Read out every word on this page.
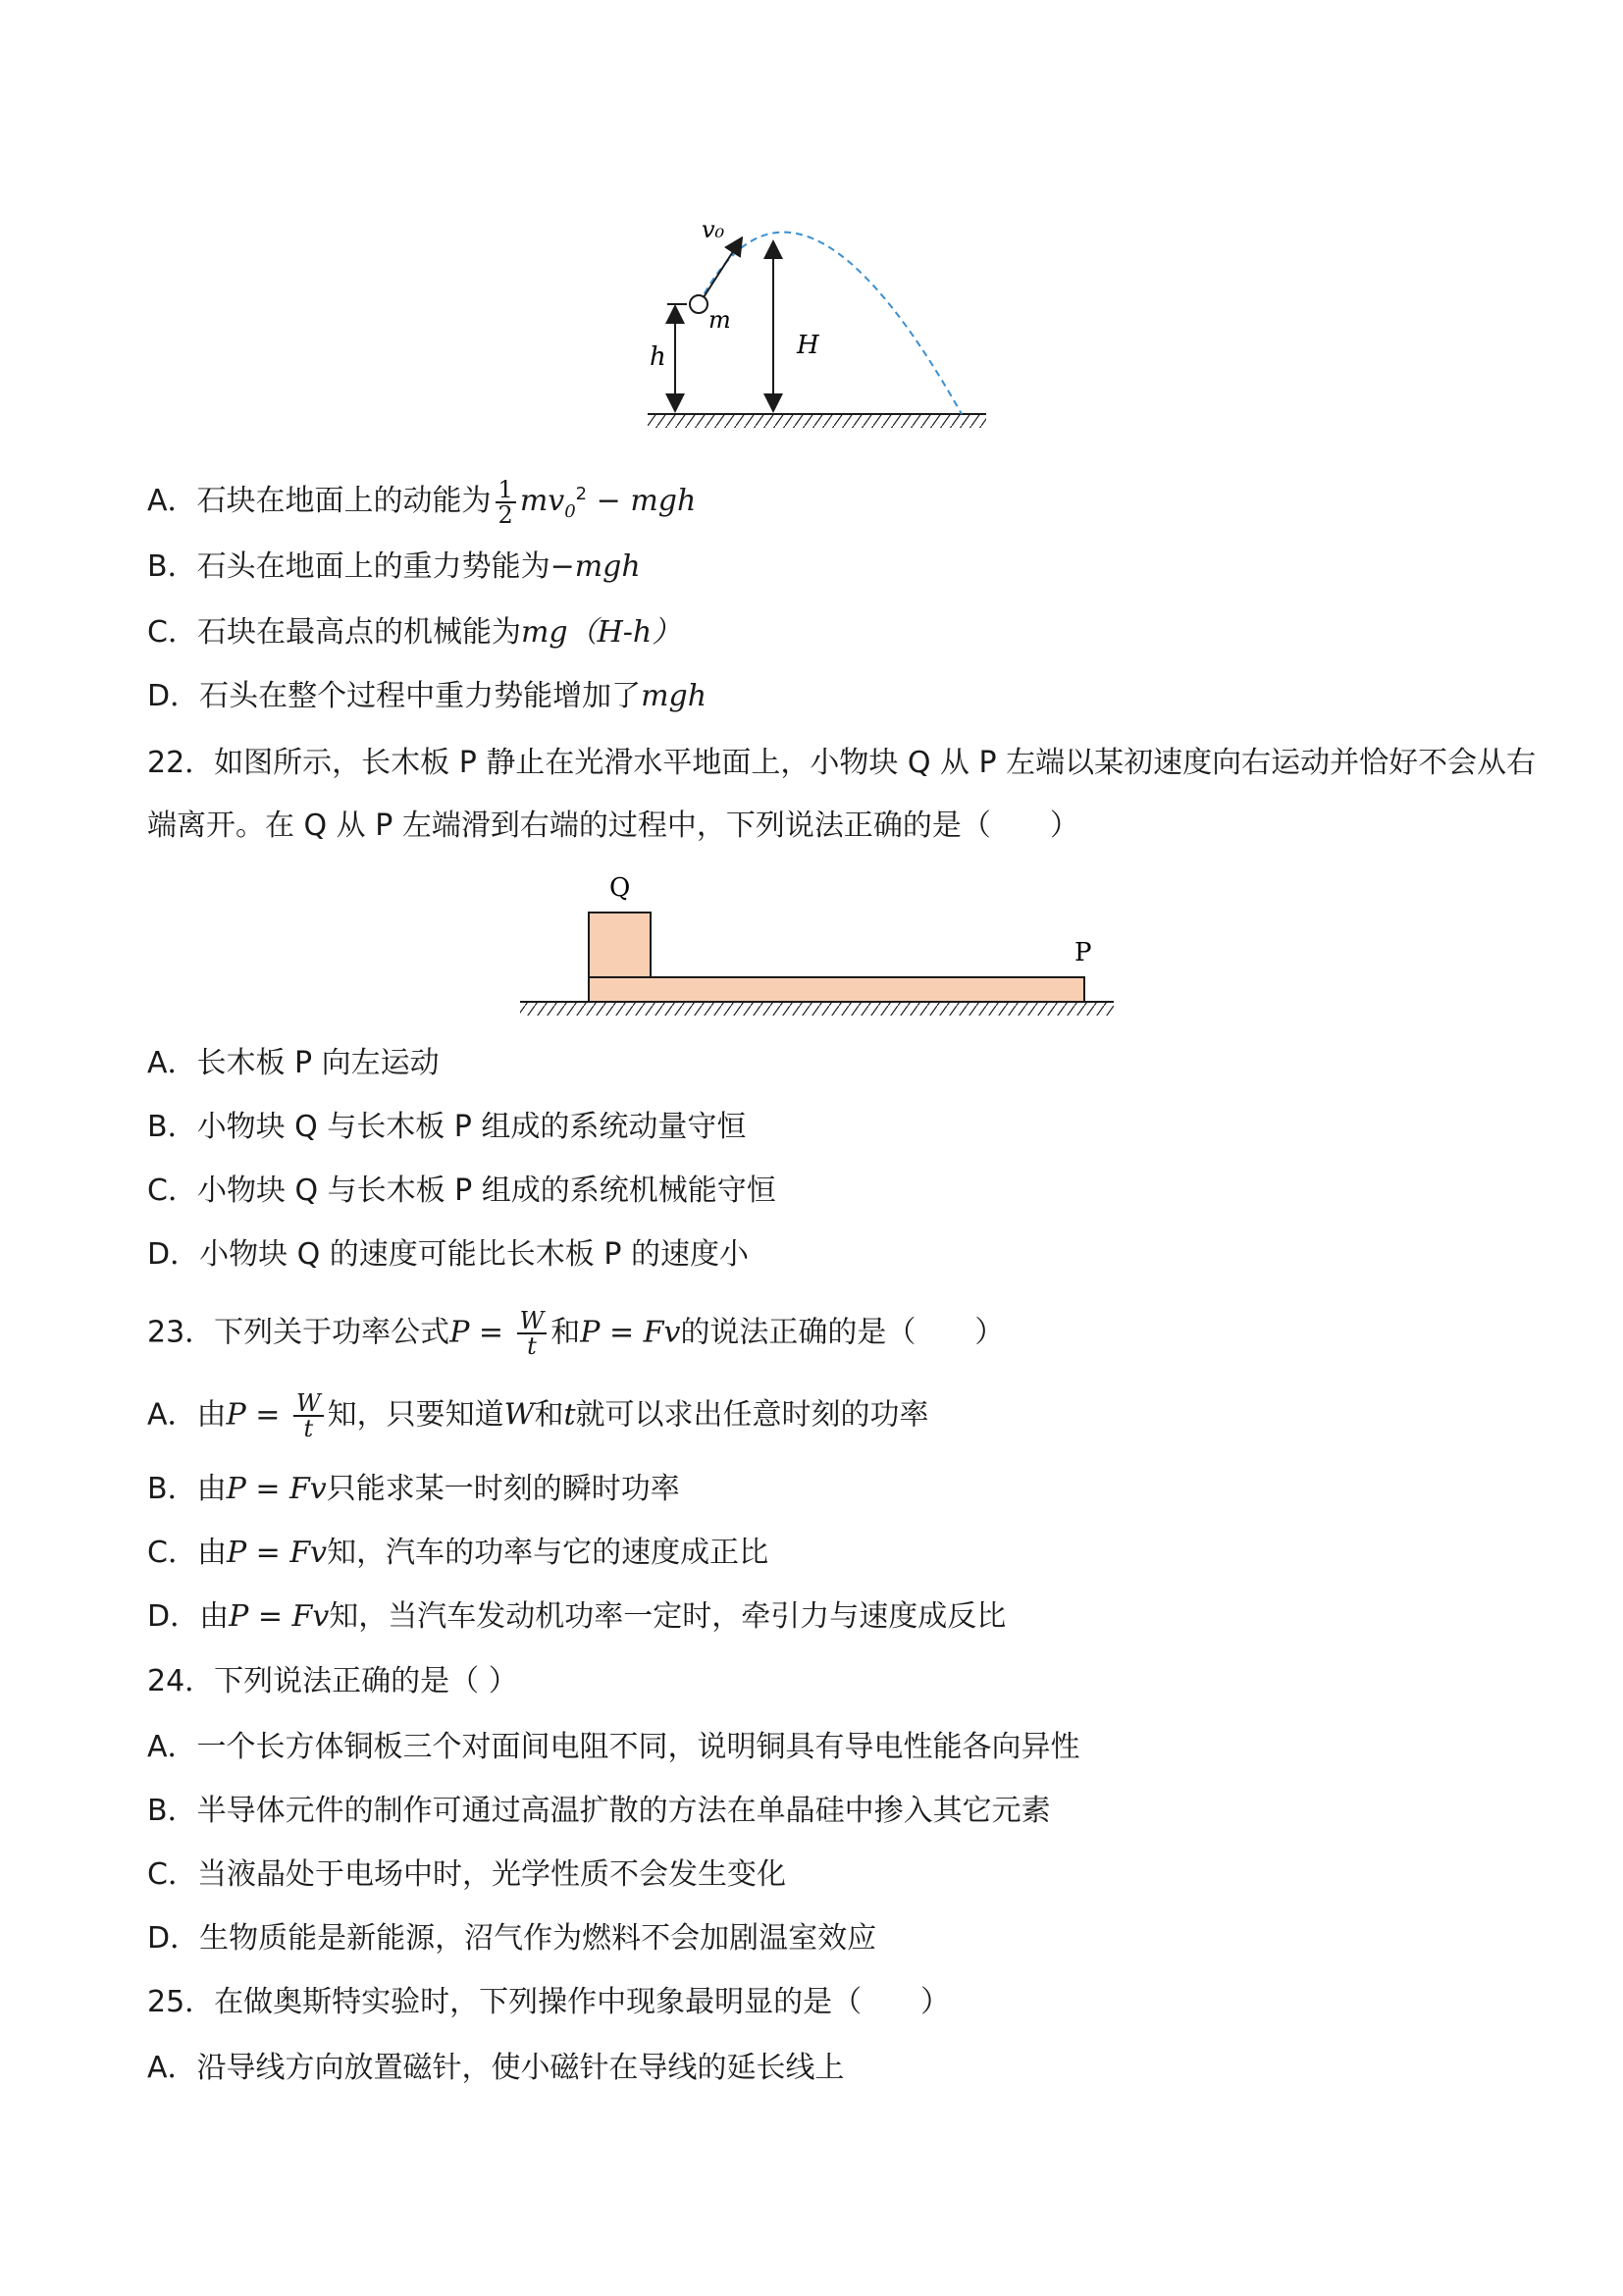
v₀
m
h	H
A．石块在地面上的动能为 $\frac{1}{2} mv_0^2$ − mgh
B．石头在地面上的重力势能为−mgh
C．石块在最高点的机械能为mg（H-h）
D．石头在整个过程中重力势能增加了mgh
22．如图所示，长木板 P 静止在光滑水平地面上，小物块 Q 从 P 左端以某初速度向右运动并恰好不会从右
端离开。在 Q 从 P 左端滑到右端的过程中，下列说法正确的是（　　）
Q
P
A．长木板 P 向左运动
B．小物块 Q 与长木板 P 组成的系统动量守恒
C．小物块 Q 与长木板 P 组成的系统机械能守恒
D．小物块 Q 的速度可能比长木板 P 的速度小
23．下列关于功率公式$P = \frac{W}{t}$ 和P = Fv的说法正确的是（　　）
A．由$P = \frac{W}{t}$ 知，只要知道W和t就可以求出任意时刻的功率
B．由P = Fv只能求某一时刻的瞬时功率
C．由P = Fv知，汽车的功率与它的速度成正比
D．由P = Fv知，当汽车发动机功率一定时，牵引力与速度成反比
24．下列说法正确的是（ ）
A．一个长方体铜板三个对面间电阻不同，说明铜具有导电性能各向异性
B．半导体元件的制作可通过高温扩散的方法在单晶硅中掺入其它元素
C．当液晶处于电场中时，光学性质不会发生变化
D．生物质能是新能源，沼气作为燃料不会加剧温室效应
25．在做奥斯特实验时，下列操作中现象最明显的是（　　）
A．沿导线方向放置磁针，使小磁针在导线的延长线上
